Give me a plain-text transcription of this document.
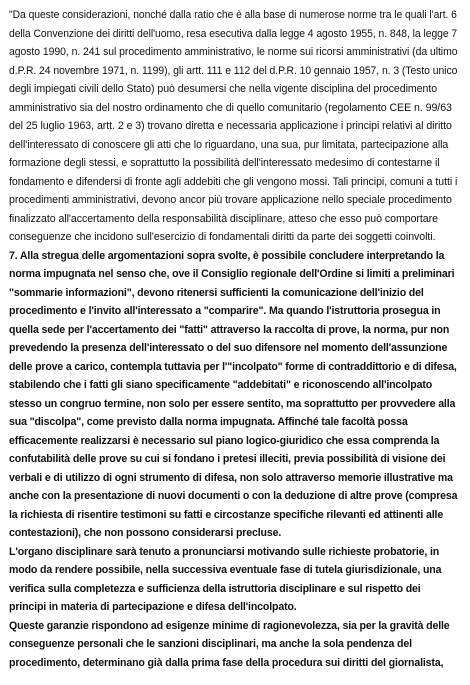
"Da queste considerazioni, nonché dalla ratio che è alla base di numerose norme tra le quali l'art. 6
della Convenzione dei diritti dell'uomo, resa esecutiva dalla legge 4 agosto 1955, n. 848, la legge 7
agosto 1990, n. 241 sul procedimento amministrativo, le norme sui ricorsi amministrativi (da ultimo
d.P.R. 24 novembre 1971, n. 1199), gli artt. 111 e 112 del d.P.R. 10 gennaio 1957, n. 3 (Testo unico
degli impiegati civili dello Stato) può desumersi che nella vigente disciplina del procedimento
amministrativo sia del nostro ordinamento che di quello comunitario (regolamento CEE n. 99/63
del 25 luglio 1963, artt. 2 e 3) trovano diretta e necessaria applicazione i principi relativi al diritto
dell'interessato di conoscere gli atti che lo riguardano, una sua, pur limitata, partecipazione alla
formazione degli stessi, e soprattutto la possibilità dell'interessato medesimo di contestarne il
fondamento e difendersi di fronte agli addebiti che gli vengono mossi. Tali principi, comuni a tutti i
procedimenti amministrativi, devono ancor più trovare applicazione nello speciale procedimento
finalizzato all'accertamento della responsabilità disciplinare, atteso che esso può comportare
conseguenze che incidono sull'esercizio di fondamentali diritti da parte dei soggetti coinvolti.
7. Alla stregua delle argomentazioni sopra svolte, è possibile concludere interpretando la
norma impugnata nel senso che, ove il Consiglio regionale dell'Ordine si limiti a preliminari
"sommarie informazioni", devono ritenersi sufficienti la comunicazione dell'inizio del
procedimento e l'invito all'interessato a "comparire". Ma quando l'istruttoria prosegua in
quella sede per l'accertamento dei "fatti" attraverso la raccolta di prove, la norma, pur non
prevedendo la presenza dell'interessato o del suo difensore nel momento dell'assunzione
delle prove a carico, contempla tuttavia per l'"incolpato" forme di contraddittorio e di difesa,
stabilendo che i fatti gli siano specificamente "addebitati" e riconoscendo all'incolpato
stesso un congruo termine, non solo per essere sentito, ma soprattutto per provvedere alla
sua "discolpa", come previsto dalla norma impugnata. Affinché tale facoltà possa
efficacemente realizzarsi è necessario sul piano logico-giuridico che essa comprenda la
confutabilità delle prove su cui si fondano i pretesi illeciti, previa possibilità di visione dei
verbali e di utilizzo di ogni strumento di difesa, non solo attraverso memorie illustrative ma
anche con la presentazione di nuovi documenti o con la deduzione di altre prove (compresa
la richiesta di risentire testimoni su fatti e circostanze specifiche rilevanti ed attinenti alle
contestazioni), che non possono considerarsi precluse.
L'organo disciplinare sarà tenuto a pronunciarsi motivando sulle richieste probatorie, in
modo da rendere possibile, nella successiva eventuale fase di tutela giurisdizionale, una
verifica sulla completezza e sufficienza della istruttoria disciplinare e sul rispetto dei
principi in materia di partecipazione e difesa dell'incolpato.
Queste garanzie rispondono ad esigenze minime di ragionevolezza, sia per la gravità delle
conseguenze personali che le sanzioni disciplinari, ma anche la sola pendenza del
procedimento, determinano già dalla prima fase della procedura sui diritti del giornalista,
